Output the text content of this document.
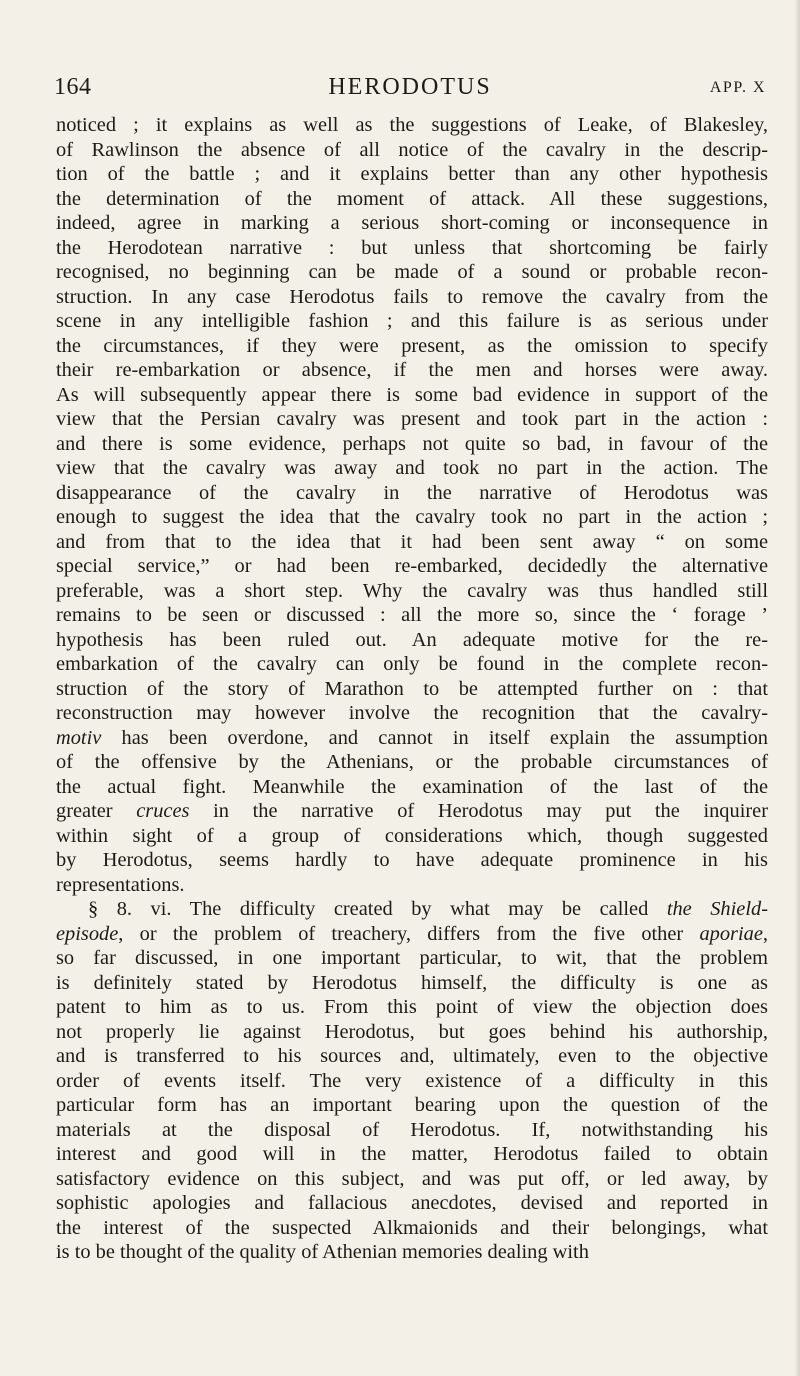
164	HERODOTUS	APP. X
noticed ; it explains as well as the suggestions of Leake, of Blakesley,
of Rawlinson the absence of all notice of the cavalry in the descrip-
tion of the battle ; and it explains better than any other hypothesis
the determination of the moment of attack. All these suggestions,
indeed, agree in marking a serious short-coming or inconsequence in
the Herodotean narrative : but unless that shortcoming be fairly
recognised, no beginning can be made of a sound or probable recon-
struction. In any case Herodotus fails to remove the cavalry from the
scene in any intelligible fashion ; and this failure is as serious under
the circumstances, if they were present, as the omission to specify
their re-embarkation or absence, if the men and horses were away.
As will subsequently appear there is some bad evidence in support of the
view that the Persian cavalry was present and took part in the action :
and there is some evidence, perhaps not quite so bad, in favour of the
view that the cavalry was away and took no part in the action. The
disappearance of the cavalry in the narrative of Herodotus was
enough to suggest the idea that the cavalry took no part in the action ;
and from that to the idea that it had been sent away “ on some
special service,” or had been re-embarked, decidedly the alternative
preferable, was a short step. Why the cavalry was thus handled still
remains to be seen or discussed : all the more so, since the ‘ forage ’
hypothesis has been ruled out. An adequate motive for the re-
embarkation of the cavalry can only be found in the complete recon-
struction of the story of Marathon to be attempted further on : that
reconstruction may however involve the recognition that the cavalry-
motiv has been overdone, and cannot in itself explain the assumption
of the offensive by the Athenians, or the probable circumstances of
the actual fight. Meanwhile the examination of the last of the
greater cruces in the narrative of Herodotus may put the inquirer
within sight of a group of considerations which, though suggested
by Herodotus, seems hardly to have adequate prominence in his
representations.
§ 8. vi. The difficulty created by what may be called the Shield-
episode, or the problem of treachery, differs from the five other aporiae,
so far discussed, in one important particular, to wit, that the problem
is definitely stated by Herodotus himself, the difficulty is one as
patent to him as to us. From this point of view the objection does
not properly lie against Herodotus, but goes behind his authorship,
and is transferred to his sources and, ultimately, even to the objective
order of events itself. The very existence of a difficulty in this
particular form has an important bearing upon the question of the
materials at the disposal of Herodotus. If, notwithstanding his
interest and good will in the matter, Herodotus failed to obtain
satisfactory evidence on this subject, and was put off, or led away, by
sophistic apologies and fallacious anecdotes, devised and reported in
the interest of the suspected Alkmaionids and their belongings, what
is to be thought of the quality of Athenian memories dealing with
